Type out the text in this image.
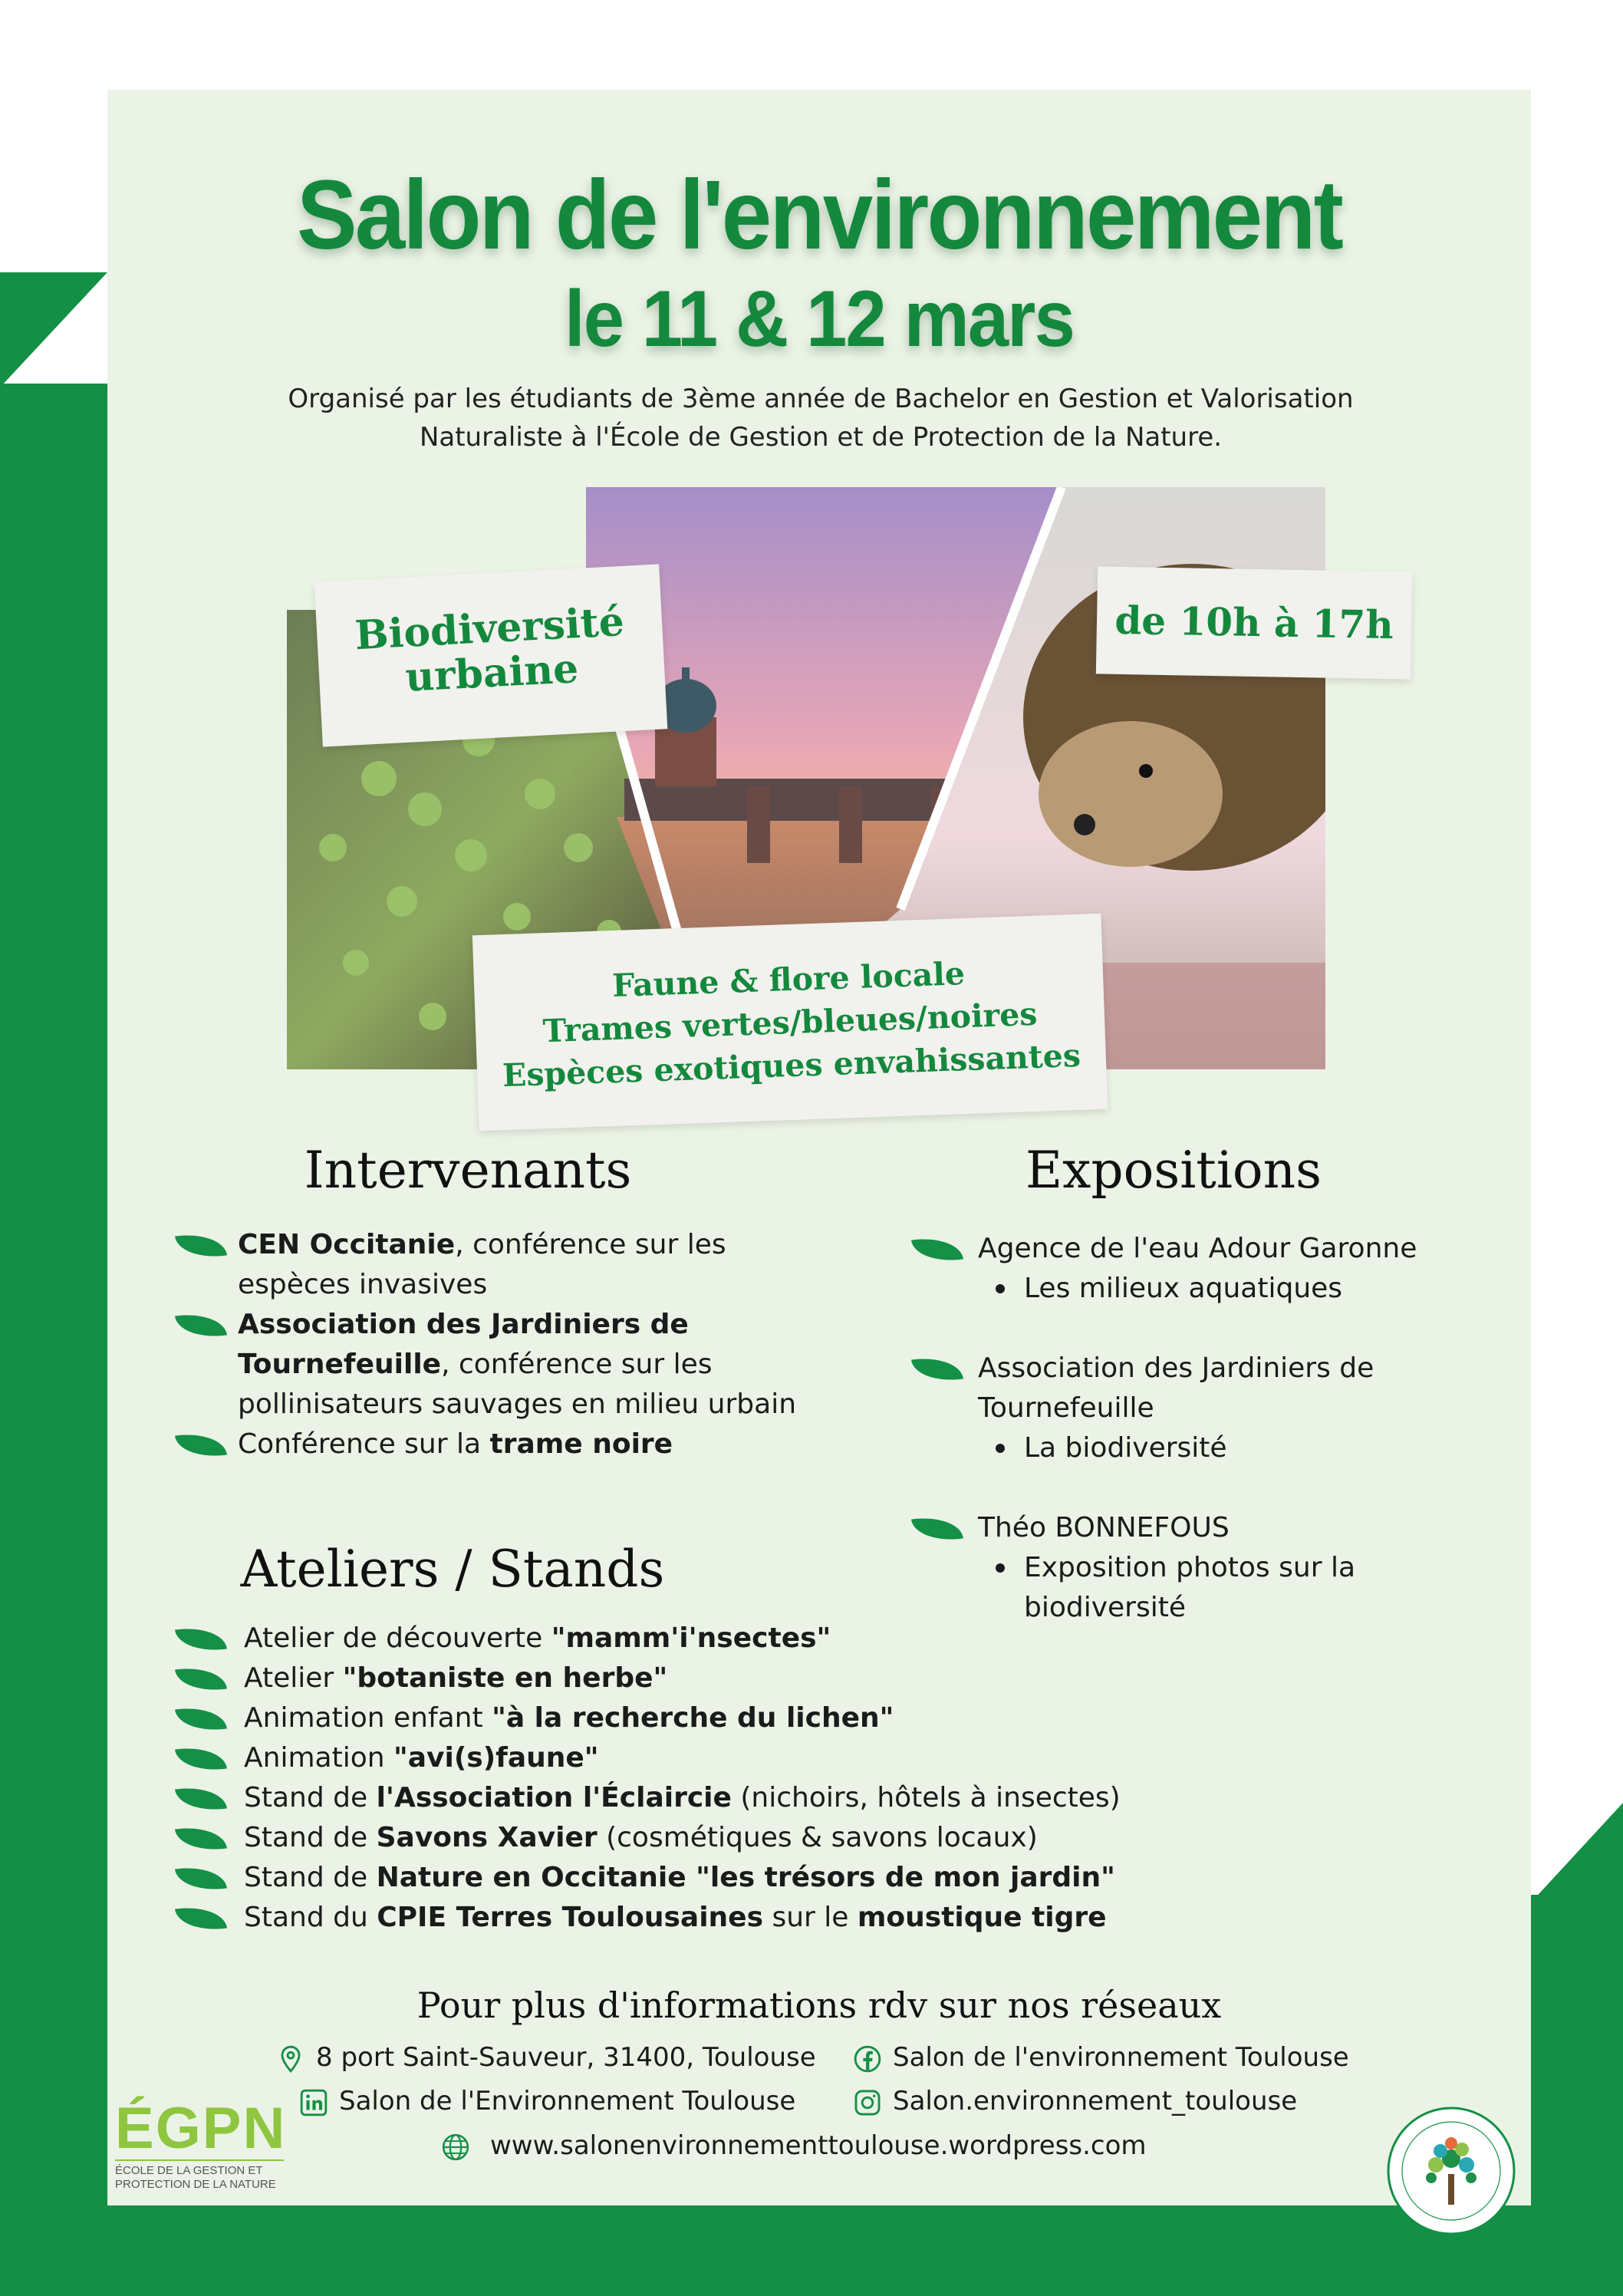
Salon de l'environnement
le 11 & 12 mars
Organisé par les étudiants de 3ème année de Bachelor en Gestion et Valorisation Naturaliste à l'École de Gestion et de Protection de la Nature.
Biodiversité
urbaine
de 10h à 17h
Faune & flore locale
Trames vertes/bleues/noires
Espèces exotiques envahissantes
Intervenants
CEN Occitanie, conférence sur les espèces invasives
Association des Jardiniers de Tournefeuille, conférence sur les pollinisateurs sauvages en milieu urbain
Conférence sur la trame noire
Expositions
Agence de l'eau Adour Garonne
Les milieux aquatiques
Association des Jardiniers de Tournefeuille
La biodiversité
Théo BONNEFOUS
Exposition photos sur la biodiversité
Ateliers / Stands
Atelier de découverte "mamm'i'nsectes"
Atelier "botaniste en herbe"
Animation enfant "à la recherche du lichen"
Animation "avi(s)faune"
Stand de l'Association l'Éclaircie (nichoirs, hôtels à insectes)
Stand de Savons Xavier (cosmétiques & savons locaux)
Stand de Nature en Occitanie "les trésors de mon jardin"
Stand du CPIE Terres Toulousaines sur le moustique tigre
Pour plus d'informations rdv sur nos réseaux
8 port Saint-Sauveur, 31400, Toulouse	Salon de l'environnement Toulouse
Salon de l'Environnement Toulouse	Salon.environnement_toulouse
www.salonenvironnementtoulouse.wordpress.com
ÉGPN
ÉCOLE DE LA GESTION ET PROTECTION DE LA NATURE
